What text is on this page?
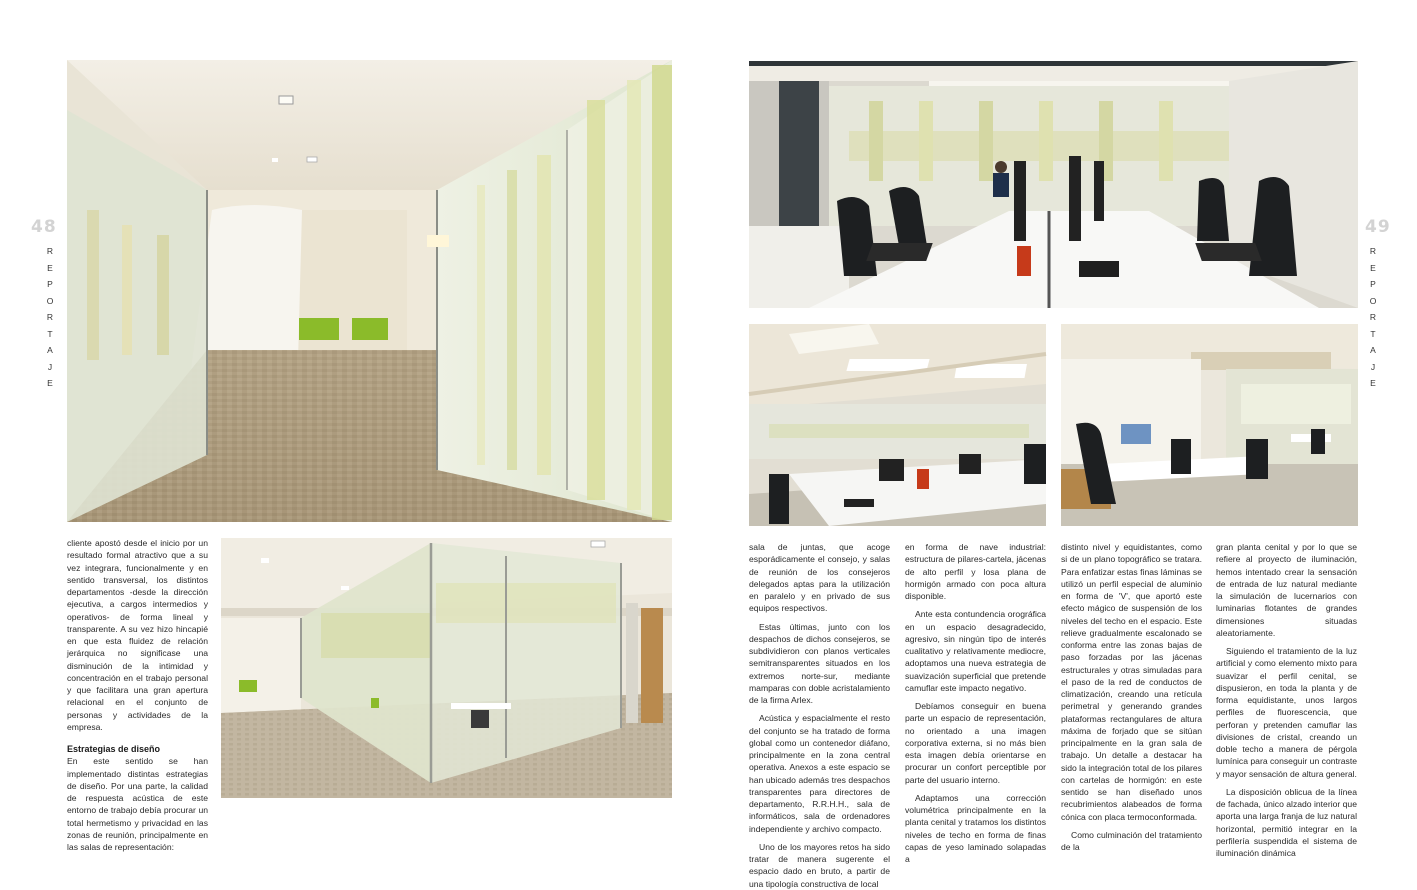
48
R
E
P
O
R
T
A
J
E

cliente apostó desde el inicio por un resultado formal atractivo que a su vez integrara, funcionalmente y en sentido transversal, los distintos departamentos -desde la dirección ejecutiva, a cargos intermedios y operativos- de forma lineal y transparente. A su vez hizo hincapié en que esta fluidez de relación jerárquica no significase una disminución de la intimidad y concentración en el trabajo personal y que facilitara una gran apertura relacional en el conjunto de personas y actividades de la empresa.

Estrategias de diseño

En este sentido se han implementado distintas estrategias de diseño. Por una parte, la calidad de respuesta acústica de este entorno de trabajo debía procurar un total hermetismo y privacidad en las zonas de reunión, principalmente en las salas de representación:

49
R
E
P
O
R
T
A
J
E

sala de juntas, que acoge esporádicamente el consejo, y salas de reunión de los consejeros delegados aptas para la utilización en paralelo y en privado de sus equipos respectivos.

Estas últimas, junto con los despachos de dichos consejeros, se subdividieron con planos verticales semitransparentes situados en los extremos norte-sur, mediante mamparas con doble acristalamiento de la firma Arlex.

Acústica y espacialmente el resto del conjunto se ha tratado de forma global como un contenedor diáfano, principalmente en la zona central operativa. Anexos a este espacio se han ubicado además tres despachos transparentes para directores de departamento, R.R.H.H., sala de informáticos, sala de ordenadores independiente y archivo compacto.

Uno de los mayores retos ha sido tratar de manera sugerente el espacio dado en bruto, a partir de una tipología constructiva de local

en forma de nave industrial: estructura de pilares-cartela, jácenas de alto perfil y losa plana de hormigón armado con poca altura disponible.

Ante esta contundencia orográfica en un espacio desagradecido, agresivo, sin ningún tipo de interés cualitativo y relativamente mediocre, adoptamos una nueva estrategia de suavización superficial que pretende camuflar este impacto negativo.

Debíamos conseguir en buena parte un espacio de representación, no orientado a una imagen corporativa externa, si no más bien esta imagen debía orientarse en procurar un confort perceptible por parte del usuario interno.

Adaptamos una corrección volumétrica principalmente en la planta cenital y tratamos los distintos niveles de techo en forma de finas capas de yeso laminado solapadas a

distinto nivel y equidistantes, como si de un plano topográfico se tratara. Para enfatizar estas finas láminas se utilizó un perfil especial de aluminio en forma de 'V', que aportó este efecto mágico de suspensión de los niveles del techo en el espacio. Este relieve gradualmente escalonado se conforma entre las zonas bajas de paso forzadas por las jácenas estructurales y otras simuladas para el paso de la red de conductos de climatización, creando una retícula perimetral y generando grandes plataformas rectangulares de altura máxima de forjado que se sitúan principalmente en la gran sala de trabajo. Un detalle a destacar ha sido la integración total de los pilares con cartelas de hormigón: en este sentido se han diseñado unos recubrimientos alabeados de forma cónica con placa termoconformada.

Como culminación del tratamiento de la

gran planta cenital y por lo que se refiere al proyecto de iluminación, hemos intentado crear la sensación de entrada de luz natural mediante la simulación de lucernarios con luminarias flotantes de grandes dimensiones situadas aleatoriamente.

Siguiendo el tratamiento de la luz artificial y como elemento mixto para suavizar el perfil cenital, se dispusieron, en toda la planta y de forma equidistante, unos largos perfiles de fluorescencia, que perforan y pretenden camuflar las divisiones de cristal, creando un doble techo a manera de pérgola lumínica para conseguir un contraste y mayor sensación de altura general.

La disposición oblicua de la línea de fachada, único alzado interior que aporta una larga franja de luz natural horizontal, permitió integrar en la perfilería suspendida el sistema de iluminación dinámica
